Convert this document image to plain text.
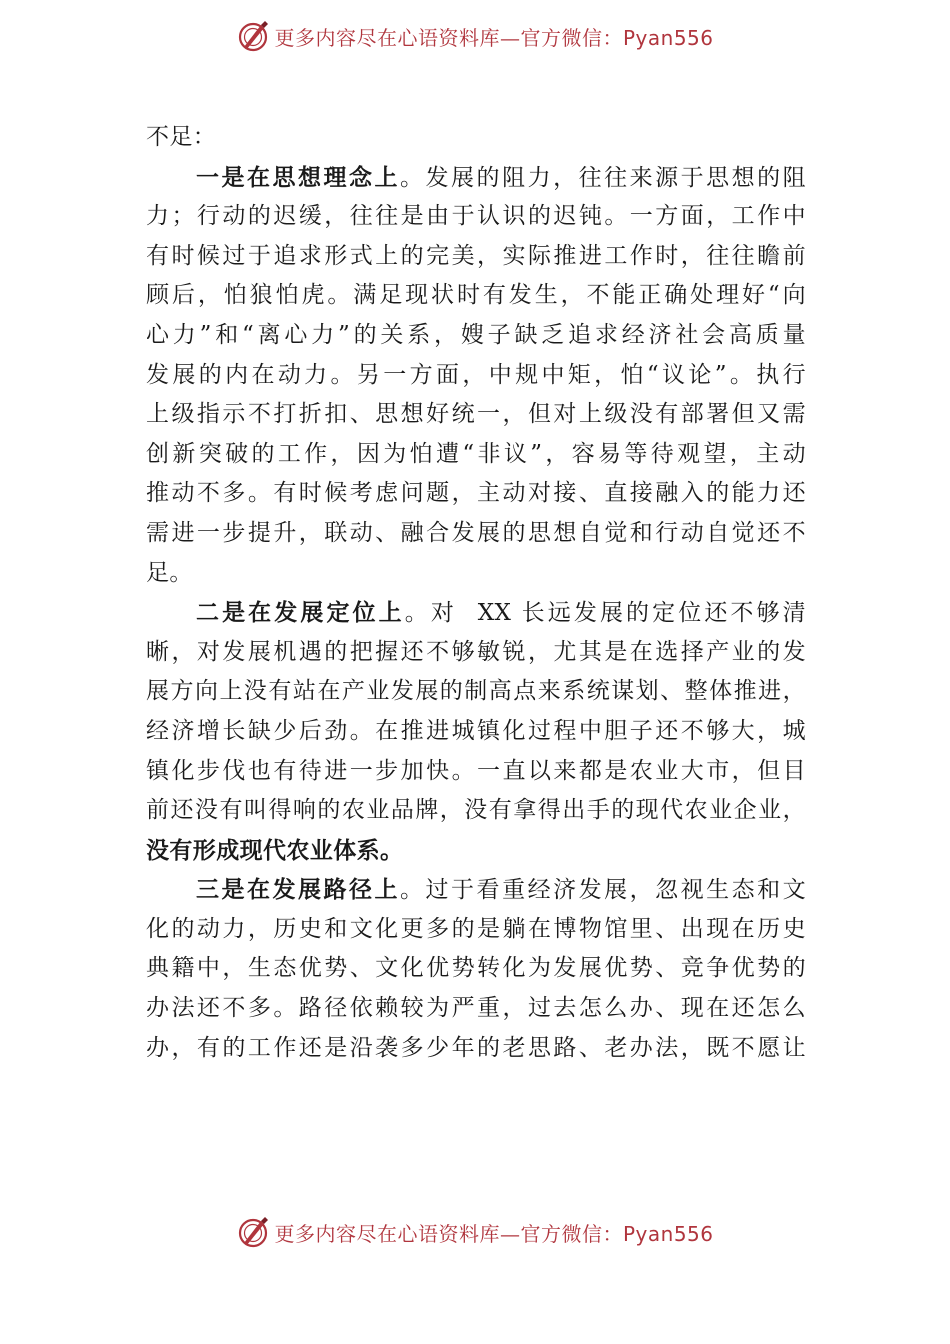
更多内容尽在心语资料库—官方微信：Pyan556
不足：
一是在思想理念上。发展的阻力，往往来源于思想的阻
力；行动的迟缓，往往是由于认识的迟钝。一方面，工作中
有时候过于追求形式上的完美，实际推进工作时，往往瞻前
顾后，怕狼怕虎。满足现状时有发生，不能正确处理好“向
心力”和“离心力”的关系，嫂子缺乏追求经济社会高质量
发展的内在动力。另一方面，中规中矩，怕“议论”。执行
上级指示不打折扣、思想好统一，但对上级没有部署但又需
创新突破的工作，因为怕遭“非议”，容易等待观望，主动
推动不多。有时候考虑问题，主动对接、直接融入的能力还
需进一步提升，联动、融合发展的思想自觉和行动自觉还不
足。
二是在发展定位上。对  XX 长远发展的定位还不够清
晰，对发展机遇的把握还不够敏锐，尤其是在选择产业的发
展方向上没有站在产业发展的制高点来系统谋划、整体推进，
经济增长缺少后劲。在推进城镇化过程中胆子还不够大，城
镇化步伐也有待进一步加快。一直以来都是农业大市，但目
前还没有叫得响的农业品牌，没有拿得出手的现代农业企业，
没有形成现代农业体系。
三是在发展路径上。过于看重经济发展，忽视生态和文
化的动力，历史和文化更多的是躺在博物馆里、出现在历史
典籍中，生态优势、文化优势转化为发展优势、竞争优势的
办法还不多。路径依赖较为严重，过去怎么办、现在还怎么
办，有的工作还是沿袭多少年的老思路、老办法，既不愿让
更多内容尽在心语资料库—官方微信：Pyan556
